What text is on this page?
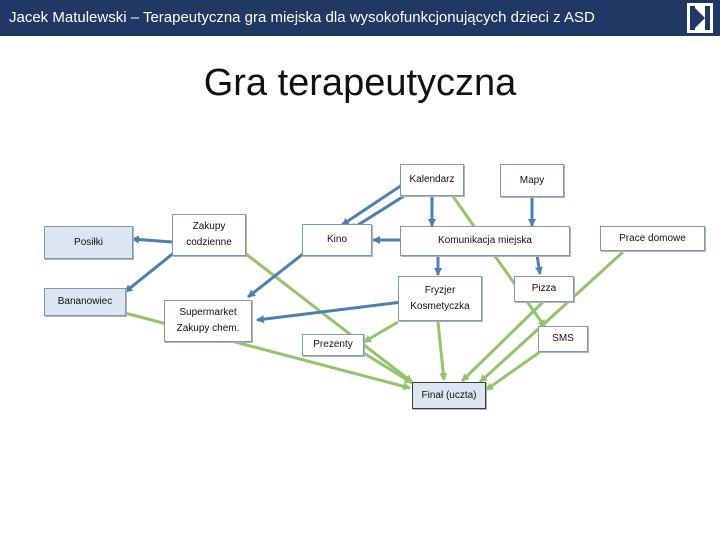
Jacek Matulewski – Terapeutyczna gra miejska dla wysokofunkcjonujących dzieci z ASD
Gra terapeutyczna
Kalendarz	Mapy
Posiłki
Zakupy
codzienne	Kino	Komunikacja miejska	Prace domowe
Bananowiec
Supermarket
Zakupy chem.
Fryzjer
Kosmetyczka
Pizza
SMS
Prezenty
Finał (uczta)
